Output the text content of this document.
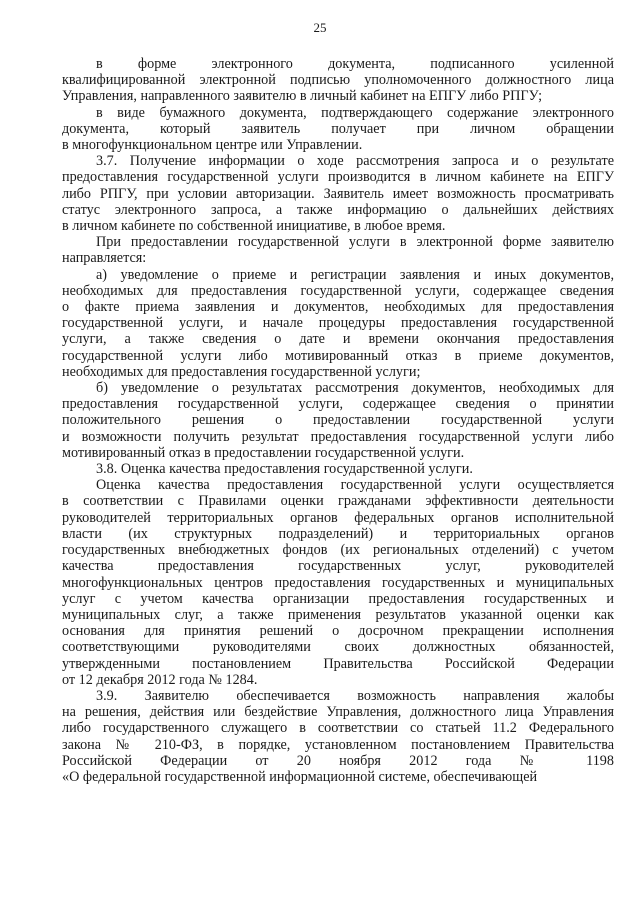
25
в форме электронного документа, подписанного усиленной
квалифицированной электронной подписью уполномоченного должностного лица
Управления, направленного заявителю в личный кабинет на ЕПГУ либо РПГУ;
в виде бумажного документа, подтверждающего содержание электронного
документа, который заявитель получает при личном обращении
в многофункциональном центре или Управлении.
3.7. Получение информации о ходе рассмотрения запроса и о результате
предоставления государственной услуги производится в личном кабинете на ЕПГУ
либо РПГУ, при условии авторизации. Заявитель имеет возможность просматривать
статус электронного запроса, а также информацию о дальнейших действиях
в личном кабинете по собственной инициативе, в любое время.
При предоставлении государственной услуги в электронной форме заявителю
направляется:
а) уведомление о приеме и регистрации заявления и иных документов,
необходимых для предоставления государственной услуги, содержащее сведения
о факте приема заявления и документов, необходимых для предоставления
государственной услуги, и начале процедуры предоставления государственной
услуги, а также сведения о дате и времени окончания предоставления
государственной услуги либо мотивированный отказ в приеме документов,
необходимых для предоставления государственной услуги;
б) уведомление о результатах рассмотрения документов, необходимых для
предоставления государственной услуги, содержащее сведения о принятии
положительного решения о предоставлении государственной услуги
и возможности получить результат предоставления государственной услуги либо
мотивированный отказ в предоставлении государственной услуги.
3.8. Оценка качества предоставления государственной услуги.
Оценка качества предоставления государственной услуги осуществляется
в соответствии с Правилами оценки гражданами эффективности деятельности
руководителей территориальных органов федеральных органов исполнительной
власти (их структурных подразделений) и территориальных органов
государственных внебюджетных фондов (их региональных отделений) с учетом
качества предоставления государственных услуг, руководителей
многофункциональных центров предоставления государственных и муниципальных
услуг с учетом качества организации предоставления государственных и
муниципальных слуг, а также применения результатов указанной оценки как
основания для принятия решений о досрочном прекращении исполнения
соответствующими руководителями своих должностных обязанностей,
утвержденными постановлением Правительства Российской Федерации
от 12 декабря 2012 года № 1284.
3.9. Заявителю обеспечивается возможность направления жалобы
на решения, действия или бездействие Управления, должностного лица Управления
либо государственного служащего в соответствии со статьей 11.2 Федерального
закона № 210-ФЗ, в порядке, установленном постановлением Правительства
Российской Федерации от 20 ноября 2012 года № 1198
«О федеральной государственной информационной системе, обеспечивающей
